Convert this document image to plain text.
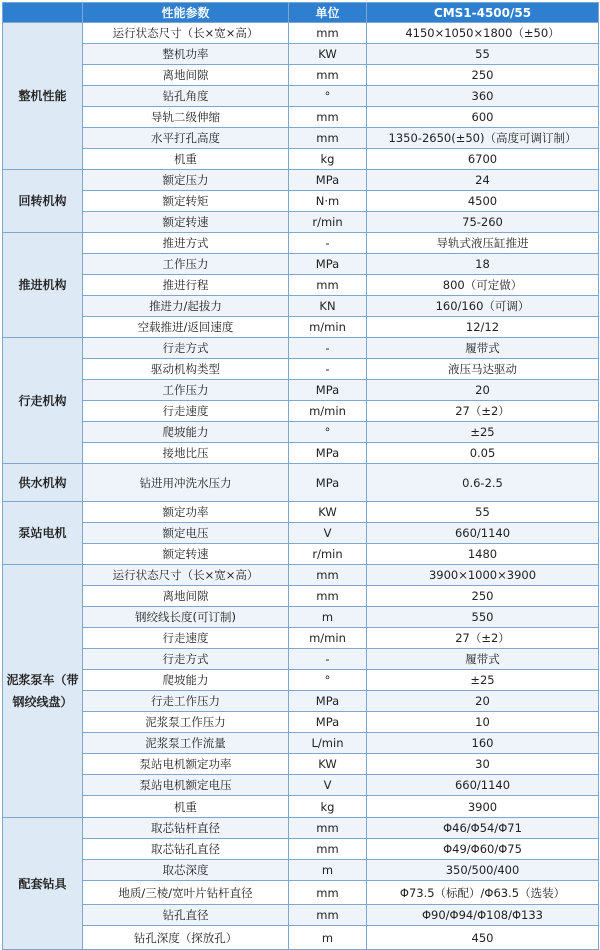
	性能参数	单位	CMS1-4500/55
整机性能	运行状态尺寸（长×宽×高）	mm	4150×1050×1800（±50）
	整机功率	KW	55
	离地间隙	mm	250
	钻孔角度	°	360
	导轨二级伸缩	mm	600
	水平打孔高度	mm	1350-2650(±50)（高度可调订制）
	机重	kg	6700
回转机构	额定压力	MPa	24
	额定转矩	N·m	4500
	额定转速	r/min	75-260
推进机构	推进方式	-	导轨式液压缸推进
	工作压力	MPa	18
	推进行程	mm	800（可定做）
	推进力/起拔力	KN	160/160（可调）
	空载推进/返回速度	m/min	12/12
行走机构	行走方式	-	履带式
	驱动机构类型	-	液压马达驱动
	工作压力	MPa	20
	行走速度	m/min	27（±2）
	爬坡能力	°	±25
	接地比压	MPa	0.05
供水机构	钻进用冲洗水压力	MPa	0.6-2.5
泵站电机	额定功率	KW	55
	额定电压	V	660/1140
	额定转速	r/min	1480
泥浆泵车（带钢绞线盘）	运行状态尺寸（长×宽×高）	mm	3900×1000×3900
	离地间隙	mm	250
	钢绞线长度(可订制)	m	550
	行走速度	m/min	27（±2）
	行走方式	-	履带式
	爬坡能力	°	±25
	行走工作压力	MPa	20
	泥浆泵工作压力	MPa	10
	泥浆泵工作流量	L/min	160
	泵站电机额定功率	KW	30
	泵站电机额定电压	V	660/1140
	机重	kg	3900
配套钻具	取芯钻杆直径	mm	Φ46/Φ54/Φ71
	取芯钻孔直径	mm	Φ49/Φ60/Φ75
	取芯深度	m	350/500/400
	地质/三棱/宽叶片钻杆直径	mm	Φ73.5（标配）/Φ63.5（选装）
	钻孔直径	mm	Φ90/Φ94/Φ108/Φ133
	钻孔深度（探放孔）	m	450
